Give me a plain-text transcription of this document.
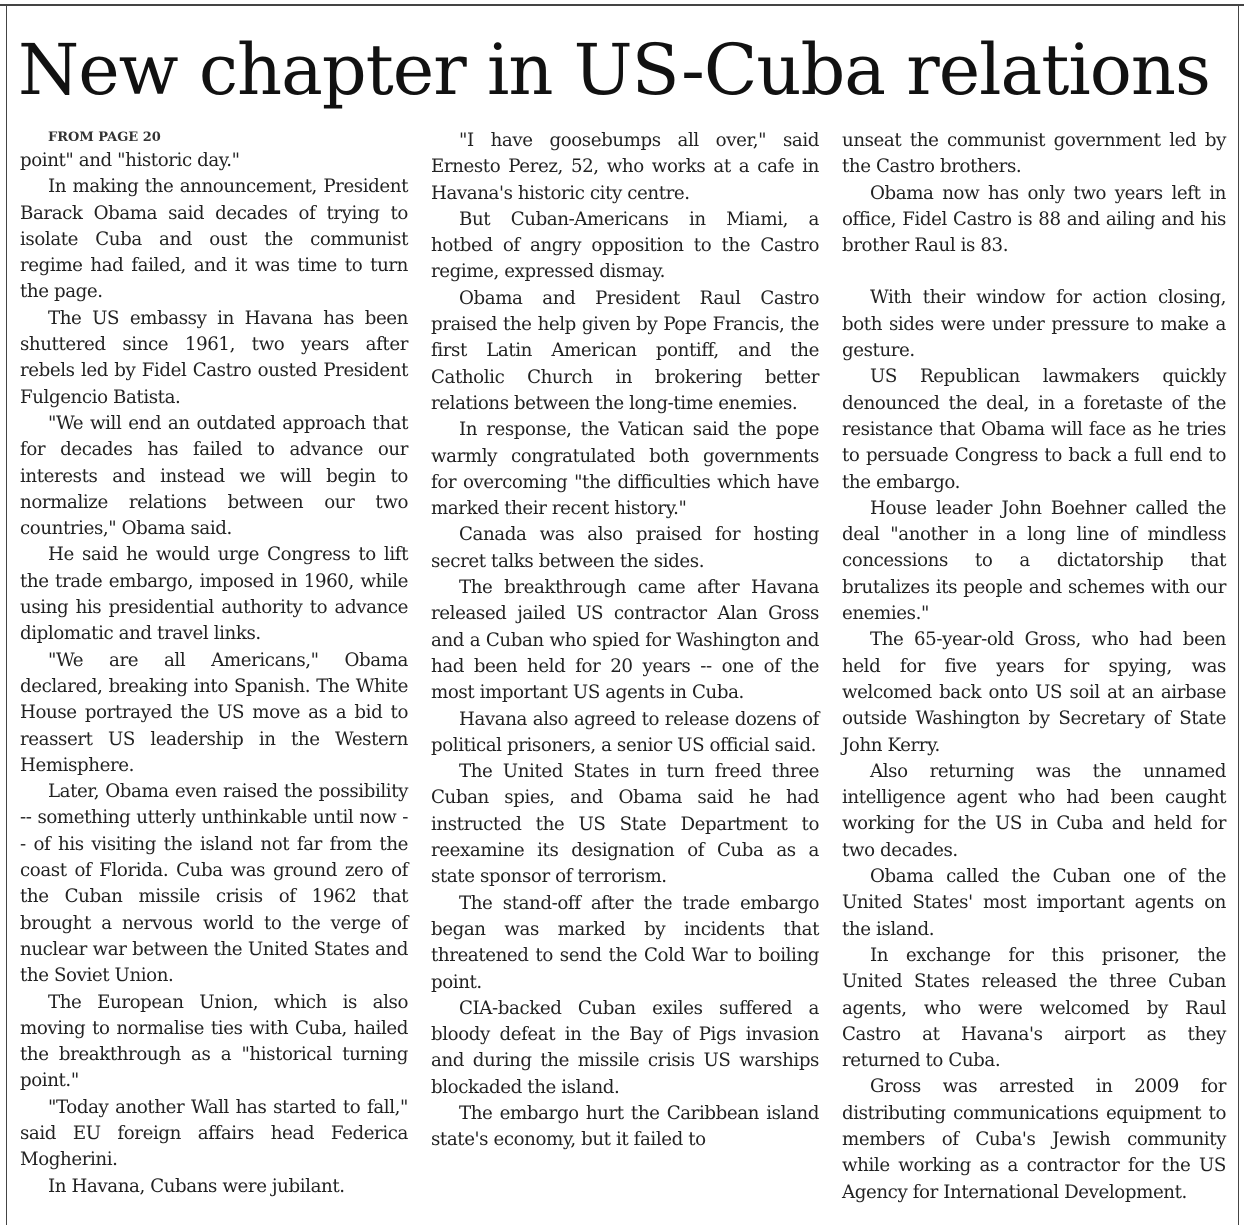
New chapter in US-Cuba relations

FROM PAGE 20

point" and "historic day."

In making the announcement, President Barack Obama said decades of trying to isolate Cuba and oust the communist regime had failed, and it was time to turn the page.

The US embassy in Havana has been shuttered since 1961, two years after rebels led by Fidel Castro ousted President Fulgencio Batista.

"We will end an outdated approach that for decades has failed to advance our interests and instead we will begin to normalize relations between our two countries," Obama said.

He said he would urge Congress to lift the trade embargo, imposed in 1960, while using his presidential authority to advance diplomatic and travel links.

"We are all Americans," Obama declared, breaking into Spanish. The White House portrayed the US move as a bid to reassert US leadership in the Western Hemisphere.

Later, Obama even raised the possibility -- something utterly unthinkable until now -- of his visiting the island not far from the coast of Florida. Cuba was ground zero of the Cuban missile crisis of 1962 that brought a nervous world to the verge of nuclear war between the United States and the Soviet Union.

The European Union, which is also moving to normalise ties with Cuba, hailed the breakthrough as a "historical turning point."

"Today another Wall has started to fall," said EU foreign affairs head Federica Mogherini.

In Havana, Cubans were jubilant.

"I have goosebumps all over," said Ernesto Perez, 52, who works at a cafe in Havana's historic city centre.

But Cuban-Americans in Miami, a hotbed of angry opposition to the Castro regime, expressed dismay.

Obama and President Raul Castro praised the help given by Pope Francis, the first Latin American pontiff, and the Catholic Church in brokering better relations between the long-time enemies.

In response, the Vatican said the pope warmly congratulated both governments for overcoming "the difficulties which have marked their recent history."

Canada was also praised for hosting secret talks between the sides.

The breakthrough came after Havana released jailed US contractor Alan Gross and a Cuban who spied for Washington and had been held for 20 years -- one of the most important US agents in Cuba.

Havana also agreed to release dozens of political prisoners, a senior US official said.

The United States in turn freed three Cuban spies, and Obama said he had instructed the US State Department to reexamine its designation of Cuba as a state sponsor of terrorism.

The stand-off after the trade embargo began was marked by incidents that threatened to send the Cold War to boiling point.

CIA-backed Cuban exiles suffered a bloody defeat in the Bay of Pigs invasion and during the missile crisis US warships blockaded the island.

The embargo hurt the Caribbean island state's economy, but it failed to

unseat the communist government led by the Castro brothers.

Obama now has only two years left in office, Fidel Castro is 88 and ailing and his brother Raul is 83.

With their window for action closing, both sides were under pressure to make a gesture.

US Republican lawmakers quickly denounced the deal, in a foretaste of the resistance that Obama will face as he tries to persuade Congress to back a full end to the embargo.

House leader John Boehner called the deal "another in a long line of mindless concessions to a dictatorship that brutalizes its people and schemes with our enemies."

The 65-year-old Gross, who had been held for five years for spying, was welcomed back onto US soil at an airbase outside Washington by Secretary of State John Kerry.

Also returning was the unnamed intelligence agent who had been caught working for the US in Cuba and held for two decades.

Obama called the Cuban one of the United States' most important agents on the island.

In exchange for this prisoner, the United States released the three Cuban agents, who were welcomed by Raul Castro at Havana's airport as they returned to Cuba.

Gross was arrested in 2009 for distributing communications equipment to members of Cuba's Jewish community while working as a contractor for the US Agency for International Development.
